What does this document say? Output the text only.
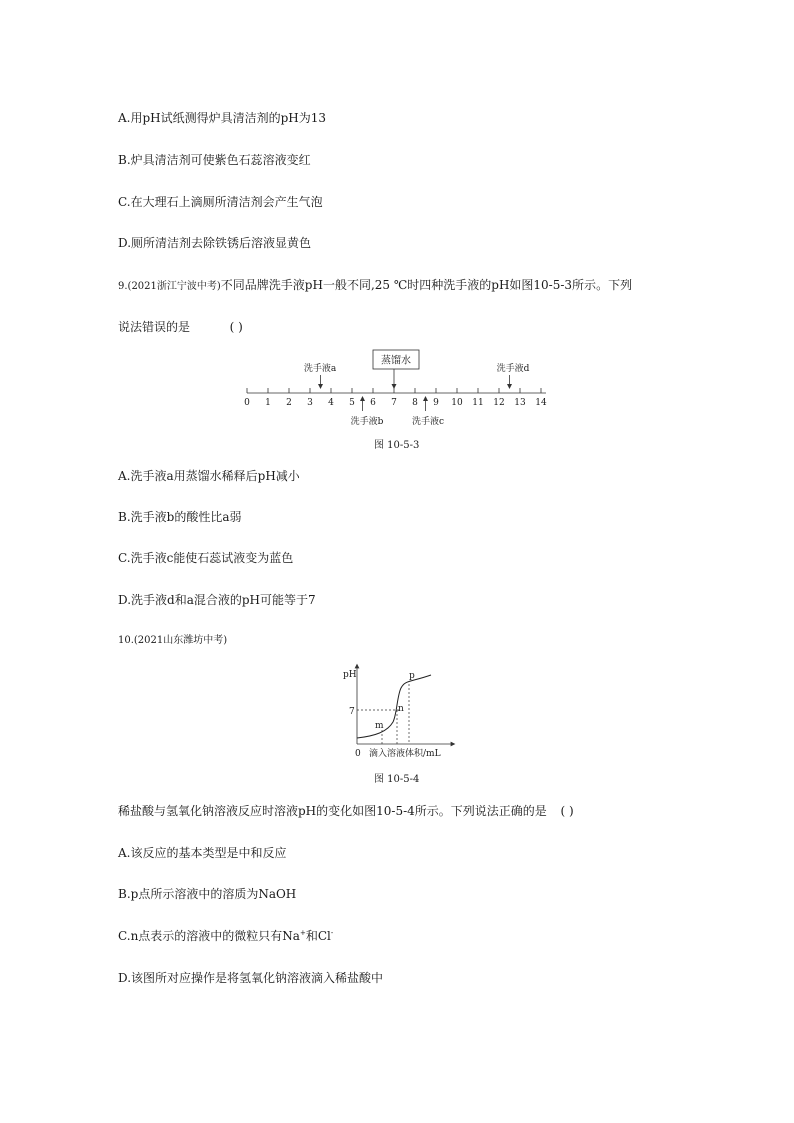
A.用pH试纸测得炉具清洁剂的pH为13
B.炉具清洁剂可使紫色石蕊溶液变红
C.在大理石上滴厕所清洁剂会产生气泡
D.厕所清洁剂去除铁锈后溶液显黄色
9.(2021浙江宁波中考)不同品牌洗手液pH一般不同,25 ℃时四种洗手液的pH如图10-5-3所示。下列
说法错误的是	( )
蒸馏水
洗手液a	洗手液d
洗手液b	洗手液c
0 1 2 3 4 5 6 7 8 9 10 11 12 13 14
图 10-5-3
A.洗手液a用蒸馏水稀释后pH减小
B.洗手液b的酸性比a弱
C.洗手液c能使石蕊试液变为蓝色
D.洗手液d和a混合液的pH可能等于7
10.(2021山东潍坊中考)
pH
7
0 滴入溶液体积/mL
m
n
p
图 10-5-4
稀盐酸与氢氧化钠溶液反应时溶液pH的变化如图10-5-4所示。下列说法正确的是 ( )
A.该反应的基本类型是中和反应
B.p点所示溶液中的溶质为NaOH
C.n点表示的溶液中的微粒只有Na+和Cl-
D.该图所对应操作是将氢氧化钠溶液滴入稀盐酸中
